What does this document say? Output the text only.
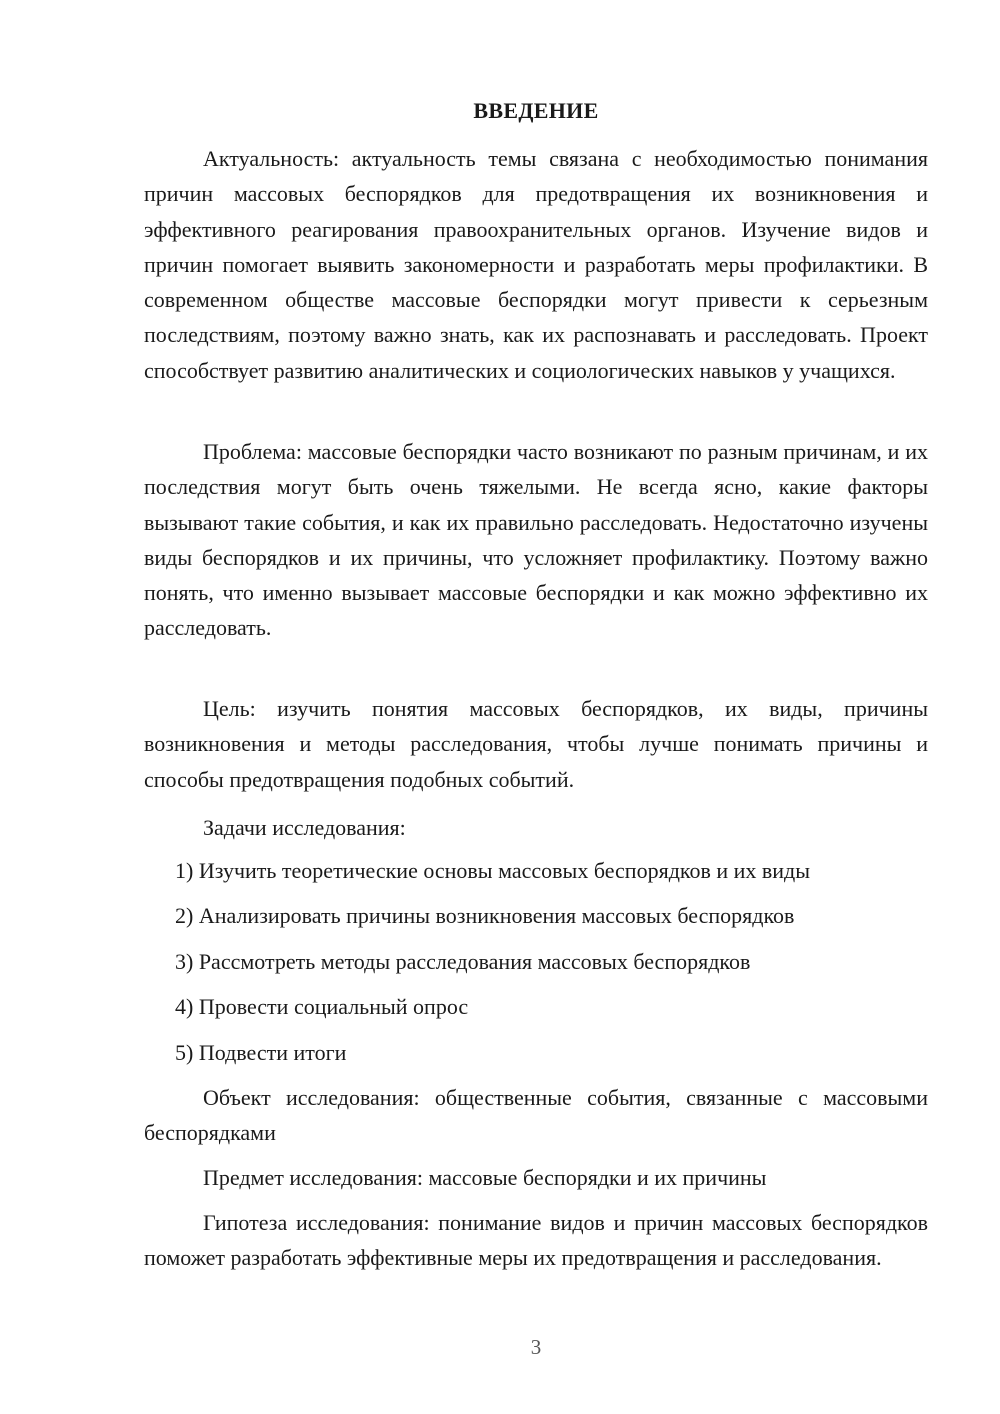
ВВЕДЕНИЕ

Актуальность: актуальность темы связана с необходимостью понимания причин массовых беспорядков для предотвращения их возникновения и эффективного реагирования правоохранительных органов. Изучение видов и причин помогает выявить закономерности и разработать меры профилактики. В современном обществе массовые беспорядки могут привести к серьезным последствиям, поэтому важно знать, как их распознавать и расследовать. Проект способствует развитию аналитических и социологических навыков у учащихся.

Проблема: массовые беспорядки часто возникают по разным причинам, и их последствия могут быть очень тяжелыми. Не всегда ясно, какие факторы вызывают такие события, и как их правильно расследовать. Недостаточно изучены виды беспорядков и их причины, что усложняет профилактику. Поэтому важно понять, что именно вызывает массовые беспорядки и как можно эффективно их расследовать.

Цель: изучить понятия массовых беспорядков, их виды, причины возникновения и методы расследования, чтобы лучше понимать причины и способы предотвращения подобных событий.

Задачи исследования:

1) Изучить теоретические основы массовых беспорядков и их виды

2) Анализировать причины возникновения массовых беспорядков

3) Рассмотреть методы расследования массовых беспорядков

4) Провести социальный опрос

5) Подвести итоги

Объект исследования: общественные события, связанные с массовыми беспорядками

Предмет исследования: массовые беспорядки и их причины

Гипотеза исследования: понимание видов и причин массовых беспорядков поможет разработать эффективные меры их предотвращения и расследования.

3
